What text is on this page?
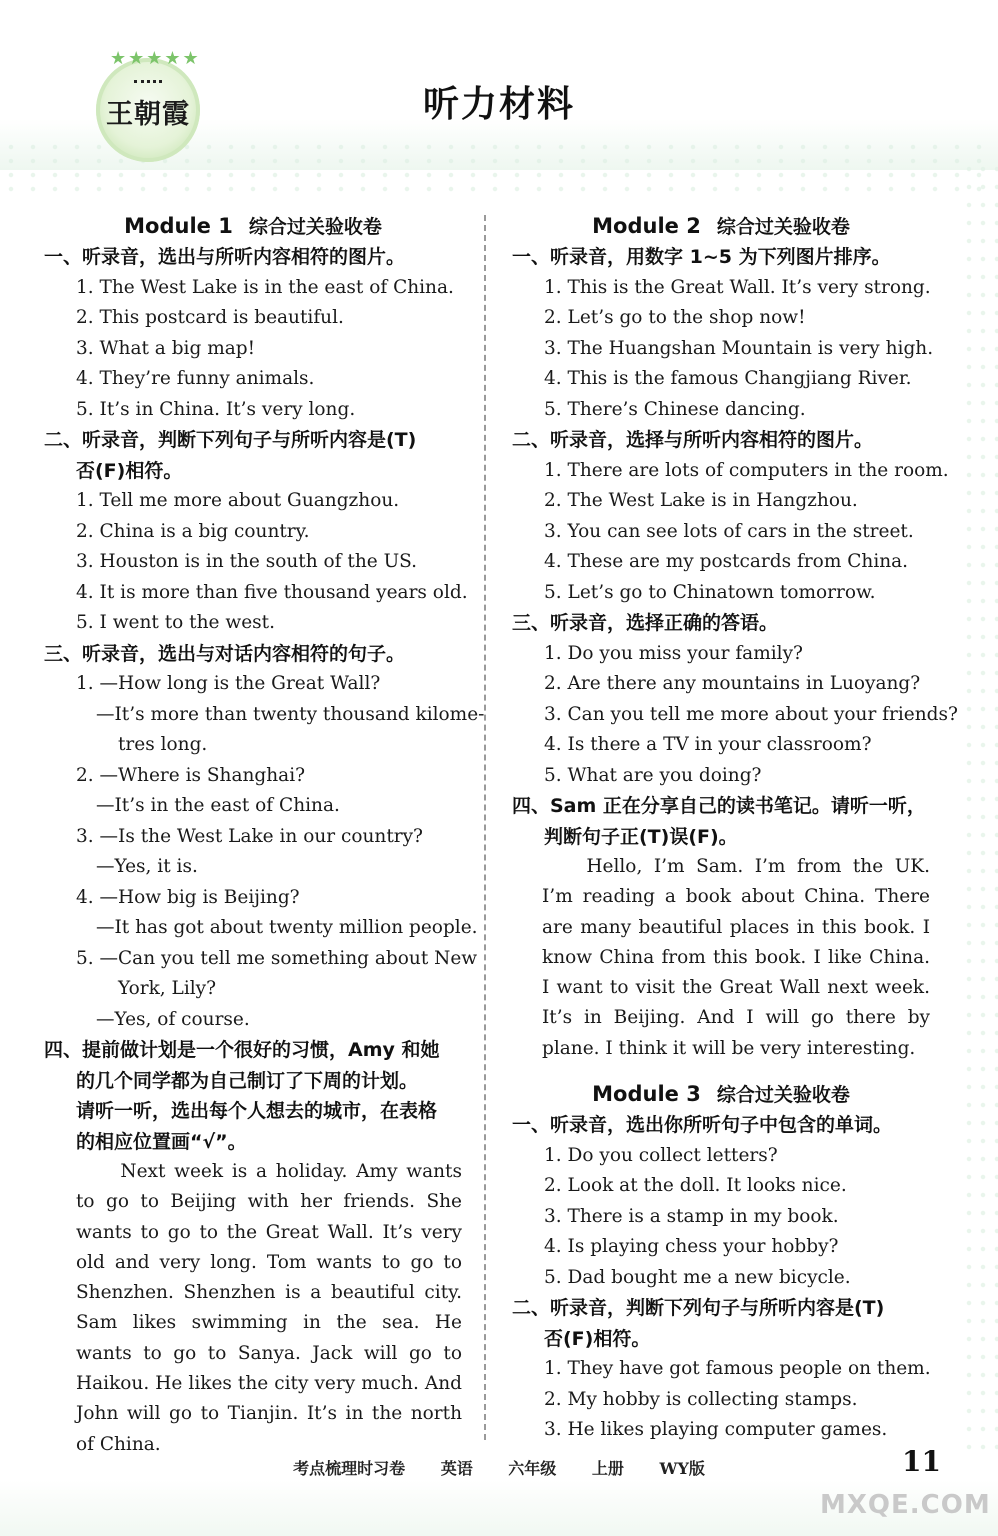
★★★★★
王朝霞	听力材料
Module 1 综合过关验收卷
一、听录音，选出与所听内容相符的图片。
1. The West Lake is in the east of China.
2. This postcard is beautiful.
3. What a big map!
4. They’re funny animals.
5. It’s in China. It’s very long.
二、听录音，判断下列句子与所听内容是(T)
否(F)相符。
1. Tell me more about Guangzhou.
2. China is a big country.
3. Houston is in the south of the US.
4. It is more than five thousand years old.
5. I went to the west.
三、听录音，选出与对话内容相符的句子。
1. —How long is the Great Wall?
—It’s more than twenty thousand kilome-
tres long.
2. —Where is Shanghai?
—It’s in the east of China.
3. —Is the West Lake in our country?
—Yes, it is.
4. —How big is Beijing?
—It has got about twenty million people.
5. —Can you tell me something about New
York, Lily?
—Yes, of course.
四、提前做计划是一个很好的习惯，Amy 和她
的几个同学都为自己制订了下周的计划。
请听一听，选出每个人想去的城市，在表格
的相应位置画“√”。
Next week is a holiday. Amy wants to go to Beijing with her friends. She wants to go to the Great Wall. It’s very old and very long. Tom wants to go to Shenzhen. Shenzhen is a beautiful city. Sam likes swimming in the sea. He wants to go to Sanya. Jack will go to Haikou. He likes the city very much. And John will go to Tianjin. It’s in the north of China.
Module 2 综合过关验收卷
一、听录音，用数字 1~5 为下列图片排序。
1. This is the Great Wall. It’s very strong.
2. Let’s go to the shop now!
3. The Huangshan Mountain is very high.
4. This is the famous Changjiang River.
5. There’s Chinese dancing.
二、听录音，选择与所听内容相符的图片。
1. There are lots of computers in the room.
2. The West Lake is in Hangzhou.
3. You can see lots of cars in the street.
4. These are my postcards from China.
5. Let’s go to Chinatown tomorrow.
三、听录音，选择正确的答语。
1. Do you miss your family?
2. Are there any mountains in Luoyang?
3. Can you tell me more about your friends?
4. Is there a TV in your classroom?
5. What are you doing?
四、Sam 正在分享自己的读书笔记。请听一听，
判断句子正(T)误(F)。
Hello, I’m Sam. I’m from the UK. I’m reading a book about China. There are many beautiful places in this book. I know China from this book. I like China. I want to visit the Great Wall next week. It’s in Beijing. And I will go there by plane. I think it will be very interesting.
Module 3 综合过关验收卷
一、听录音，选出你所听句子中包含的单词。
1. Do you collect letters?
2. Look at the doll. It looks nice.
3. There is a stamp in my book.
4. Is playing chess your hobby?
5. Dad bought me a new bicycle.
二、听录音，判断下列句子与所听内容是(T)
否(F)相符。
1. They have got famous people on them.
2. My hobby is collecting stamps.
3. He likes playing computer games.
考点梳理时习卷 英语 六年级 上册 WY版	11
MXQE.COM
